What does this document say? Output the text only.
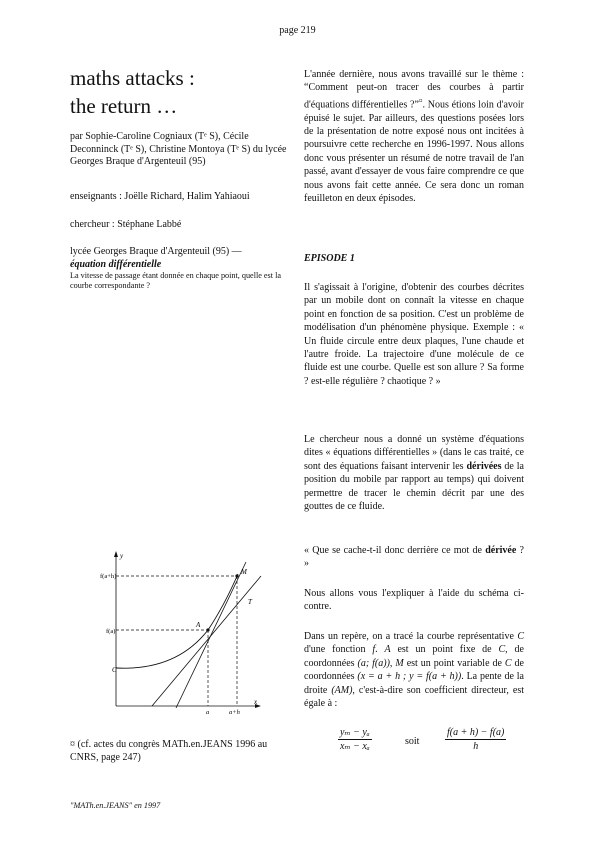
page 219
maths attacks :
the return …
par Sophie-Caroline Cogniaux (Tᵉ S), Cécile Deconninck (Tᵉ S), Christine Montoya (Tᵉ S) du lycée Georges Braque d'Argenteuil (95)
enseignants : Joëlle Richard, Halim Yahiaoui
chercheur : Stéphane Labbé
lycée Georges Braque d'Argenteuil (95) —
équation différentielle
La vitesse de passage étant donnée en chaque point, quelle est la courbe correspondante ?
y
x
f(a+h)
f(a)
M
T
A
C
a	a+h
¤ (cf. actes du congrès MATh.en.JEANS 1996 au CNRS, page 247)
"MATh.en.JEANS" en 1997
L'année dernière, nous avons travaillé sur le thème : “Comment peut-on tracer des courbes à partir d'équations différentielles ?”¤. Nous étions loin d'avoir épuisé le sujet. Par ailleurs, des questions posées lors de la présentation de notre exposé nous ont incitées à poursuivre cette recherche en 1996-1997. Nous allons donc vous présenter un résumé de notre travail de l'an passé, avant d'essayer de vous faire comprendre ce que nous avons fait cette année. Ce sera donc un roman feuilleton en deux épisodes.
EPISODE 1
Il s'agissait à l'origine, d'obtenir des courbes décrites par un mobile dont on connaît la vitesse en chaque point en fonction de sa position. C'est un problème de modélisation d'un phénomène physique. Exemple : « Un fluide circule entre deux plaques, l'une chaude et l'autre froide. La trajectoire d'une molécule de ce fluide est une courbe. Quelle est son allure ? Sa forme ? est-elle régulière ? chaotique ? »
Le chercheur nous a donné un système d'équations dites « équations différentielles » (dans le cas traité, ce sont des équations faisant intervenir les dérivées de la position du mobile par rapport au temps) qui doivent permettre de tracer le chemin décrit par une des gouttes de ce fluide.
« Que se cache-t-il donc derrière ce mot de dérivée ? »
Nous allons vous l'expliquer à l'aide du schéma ci-contre.
Dans un repère, on a tracé la courbe représentative C d'une fonction f. A est un point fixe de C, de coordonnées (a; f(a)), M est un point variable de C de coordonnées (x = a + h ; y = f(a + h)). La pente de la droite (AM), c'est-à-dire son coefficient directeur, est égale à :
$\frac{\text{yₘ − yₐ}}{\text{xₘ − xₐ}}$	soit	$\frac{f(a + h) - f(a)}{h}$
